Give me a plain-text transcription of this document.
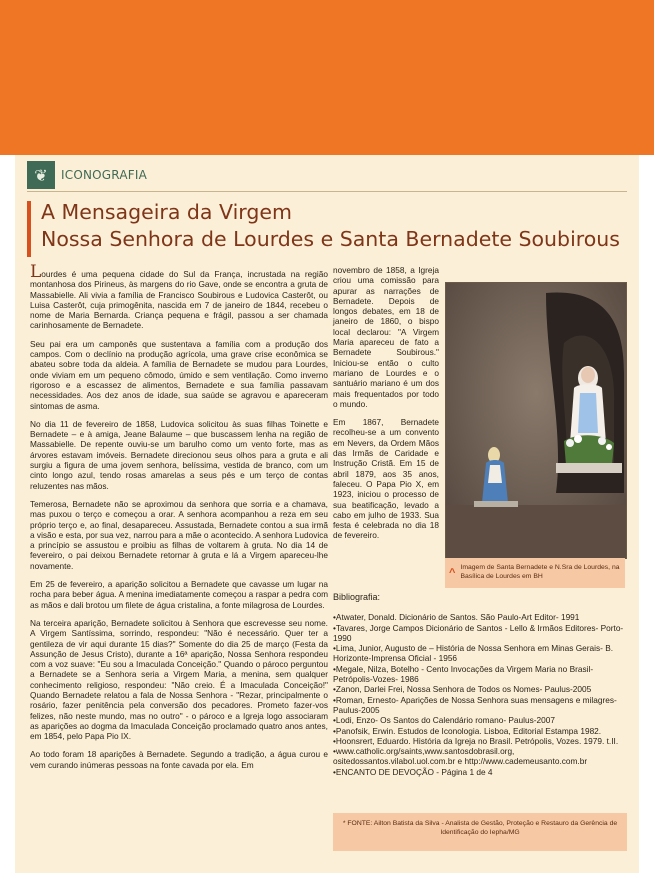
❦	ICONOGRAFIA
A Mensageira da Virgem
Nossa Senhora de Lourdes e Santa Bernadete Soubirous

Lourdes é uma pequena cidade do Sul da França, incrustada na região montanhosa dos Pirineus, às margens do rio Gave, onde se encontra a gruta de Massabielle. Ali vivia a família de Francisco Soubirous e Ludovica Casterôt, ou Luisa Casterôt, cuja primogênita, nascida em 7 de janeiro de 1844, recebeu o nome de Maria Bernarda. Criança pequena e frágil, passou a ser chamada carinhosamente de Bernadete.

Seu pai era um camponês que sustentava a família com a produção dos campos. Com o declínio na produção agrícola, uma grave crise econômica se abateu sobre toda da aldeia. A família de Bernadete se mudou para Lourdes, onde viviam em um pequeno cômodo, úmido e sem ventilação. Como inverno rigoroso e a escassez de alimentos, Bernadete e sua família passavam necessidades. Aos dez anos de idade, sua saúde se agravou e apareceram sintomas de asma.

No dia 11 de fevereiro de 1858, Ludovica solicitou às suas filhas Toinette e Bernadete – e à amiga, Jeane Balaume – que buscassem lenha na região de Massabielle. De repente ouviu-se um barulho como um vento forte, mas as árvores estavam imóveis. Bernadete direcionou seus olhos para a gruta e ali surgiu a figura de uma jovem senhora, belíssima, vestida de branco, com um cinto longo azul, tendo rosas amarelas a seus pés e um terço de contas reluzentes nas mãos.

Temerosa, Bernadete não se aproximou da senhora que sorria e a chamava, mas puxou o terço e começou a orar. A senhora acompanhou a reza em seu próprio terço e, ao final, desapareceu. Assustada, Bernadete contou a sua irmã a visão e esta, por sua vez, narrou para a mãe o acontecido. A senhora Ludovica a princípio se assustou e proibiu as filhas de voltarem à gruta. No dia 14 de fevereiro, o pai deixou Bernadete retornar à gruta e lá a Virgem apareceu-lhe novamente.

Em 25 de fevereiro, a aparição solicitou a Bernadete que cavasse um lugar na rocha para beber água. A menina imediatamente começou a raspar a pedra com as mãos e dali brotou um filete de água cristalina, a fonte milagrosa de Lourdes.

Na terceira aparição, Bernadete solicitou à Senhora que escrevesse seu nome. A Virgem Santíssima, sorrindo, respondeu: "Não é necessário. Quer ter a gentileza de vir aqui durante 15 dias?" Somente do dia 25 de março (Festa da Assunção de Jesus Cristo), durante a 16ª aparição, Nossa Senhora respondeu com a voz suave: "Eu sou a Imaculada Conceição." Quando o pároco perguntou a Bernadete se a Senhora seria a Virgem Maria, a menina, sem qualquer conhecimento religioso, respondeu: "Não creio. É a Imaculada Conceição!" Quando Bernadete relatou a fala de Nossa Senhora - "Rezar, principalmente o rosário, fazer penitência pela conversão dos pecadores. Prometo fazer-vos felizes, não neste mundo, mas no outro" - o pároco e a Igreja logo associaram as aparições ao dogma da Imaculada Conceição proclamado quatro anos antes, em 1854, pelo Papa Pio IX.

Ao todo foram 18 aparições à Bernadete. Segundo a tradição, a água curou e vem curando inúmeras pessoas na fonte cavada por ela. Em

novembro de 1858, a Igreja criou uma comissão para apurar as narrações de Bernadete. Depois de longos debates, em 18 de janeiro de 1860, o bispo local declarou: "A Virgem Maria apareceu de fato a Bernadete Soubirous." Iniciou-se então o culto mariano de Lourdes e o santuário mariano é um dos mais frequentados por todo o mundo.

Em 1867, Bernadete recolheu-se a um convento em Nevers, da Ordem Mãos das Irmãs de Caridade e Instrução Cristã. Em 15 de abril 1879, aos 35 anos, faleceu. O Papa Pio X, em 1923, iniciou o processo de sua beatificação, levado a cabo em julho de 1933. Sua festa é celebrada no dia 18 de fevereiro.

^ Imagem de Santa Bernadete e N.Sra de Lourdes, na Basílica de Lourdes em BH

Bibliografia:

•Atwater, Donald. Dicionário de Santos. São Paulo-Art Editor- 1991
•Tavares, Jorge Campos Dicionário de Santos - Lello & Irmãos Editores- Porto- 1990
•Lima, Junior, Augusto de – História de Nossa Senhora em Minas Gerais- B. Horizonte-Imprensa Oficial - 1956
•Megale, Nilza, Botelho - Cento Invocações da Virgem Maria no Brasil- Petrópolis-Vozes- 1986
•Zanon, Darlei Frei, Nossa Senhora de Todos os Nomes- Paulus-2005
•Roman, Ernesto- Aparições de Nossa Senhora suas mensagens e milagres- Paulus-2005
•Lodi, Enzo- Os Santos do Calendário romano- Paulus-2007
•Panofsik, Erwin. Estudos de Iconologia. Lisboa, Editorial Estampa 1982.
•Hoonsrert, Eduardo. História da Igreja no Brasil. Petrópolis, Vozes. 1979. t.II.
•www.catholic.org/saints,www.santosdobrasil.org, ositedossantos.vilabol.uol.com.br e http://www.cademeusanto.com.br
•ENCANTO DE DEVOÇÃO - Página 1 de 4
* FONTE: Ailton Batista da Silva - Analista de Gestão, Proteção e Restauro da Gerência de Identificação do Iepha/MG
